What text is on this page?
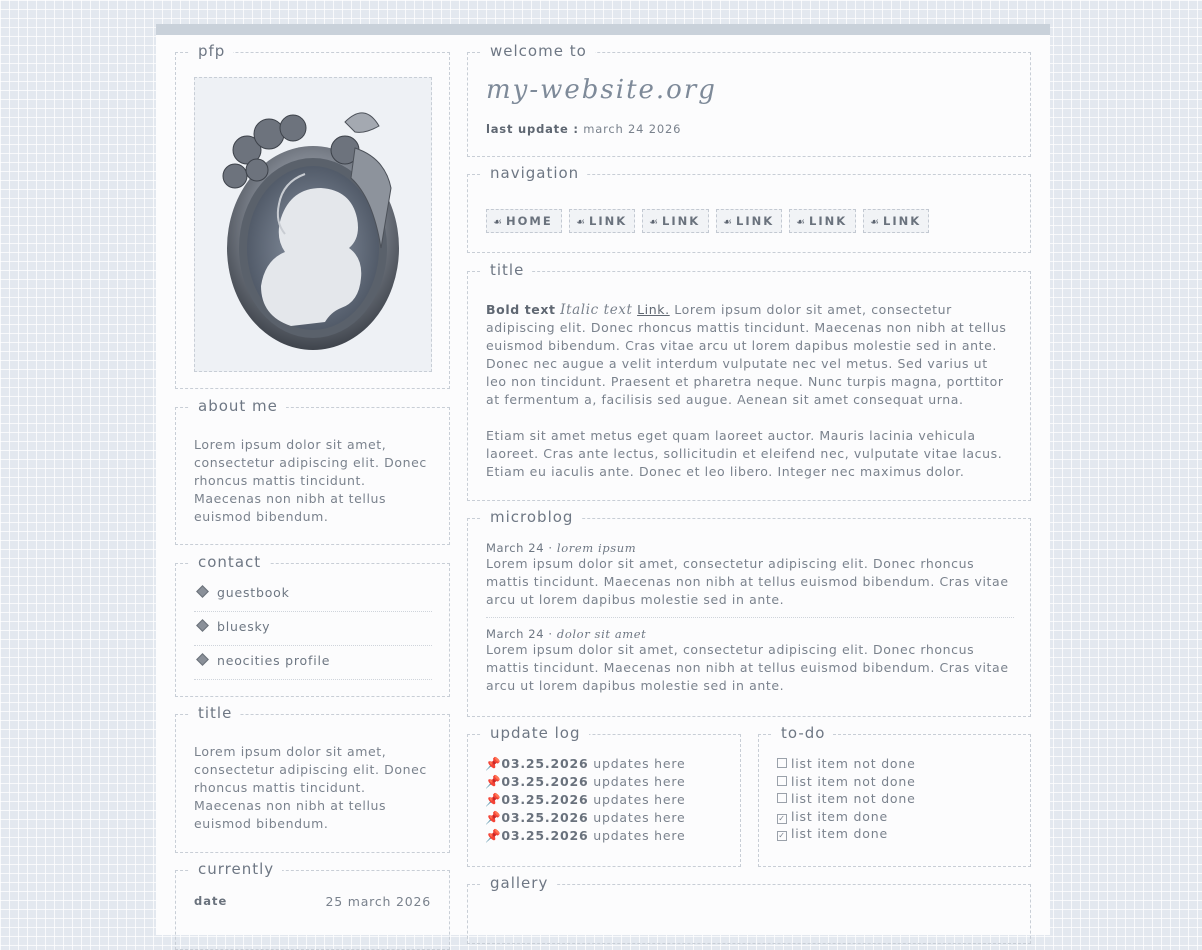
pfp
about me
Lorem ipsum dolor sit amet, consectetur adipiscing elit. Donec rhoncus mattis tincidunt. Maecenas non nibh at tellus euismod bibendum.
contact
guestbook
bluesky
neocities profile
title
Lorem ipsum dolor sit amet, consectetur adipiscing elit. Donec rhoncus mattis tincidunt. Maecenas non nibh at tellus euismod bibendum.
currently
date	25 march 2026
welcome to
my-website.org
last update : march 24 2026
navigation
☙ HOME	☙ LINK	☙ LINK	☙ LINK	☙ LINK	☙ LINK
title
Bold text Italic text Link. Lorem ipsum dolor sit amet, consectetur adipiscing elit. Donec rhoncus mattis tincidunt. Maecenas non nibh at tellus euismod bibendum. Cras vitae arcu ut lorem dapibus molestie sed in ante. Donec nec augue a velit interdum vulputate nec vel metus. Sed varius ut leo non tincidunt. Praesent et pharetra neque. Nunc turpis magna, porttitor at fermentum a, facilisis sed augue. Aenean sit amet consequat urna.
Etiam sit amet metus eget quam laoreet auctor. Mauris lacinia vehicula laoreet. Cras ante lectus, sollicitudin et eleifend nec, vulputate vitae lacus. Etiam eu iaculis ante. Donec et leo libero. Integer nec maximus dolor.
microblog
March 24 · lorem ipsum
Lorem ipsum dolor sit amet, consectetur adipiscing elit. Donec rhoncus mattis tincidunt. Maecenas non nibh at tellus euismod bibendum. Cras vitae arcu ut lorem dapibus molestie sed in ante.
March 24 · dolor sit amet
Lorem ipsum dolor sit amet, consectetur adipiscing elit. Donec rhoncus mattis tincidunt. Maecenas non nibh at tellus euismod bibendum. Cras vitae arcu ut lorem dapibus molestie sed in ante.
update log
📌03.25.2026 updates here
📌03.25.2026 updates here
📌03.25.2026 updates here
📌03.25.2026 updates here
📌03.25.2026 updates here
to-do
list item not done
list item not done
list item not done
✓ list item done
✓ list item done
gallery
